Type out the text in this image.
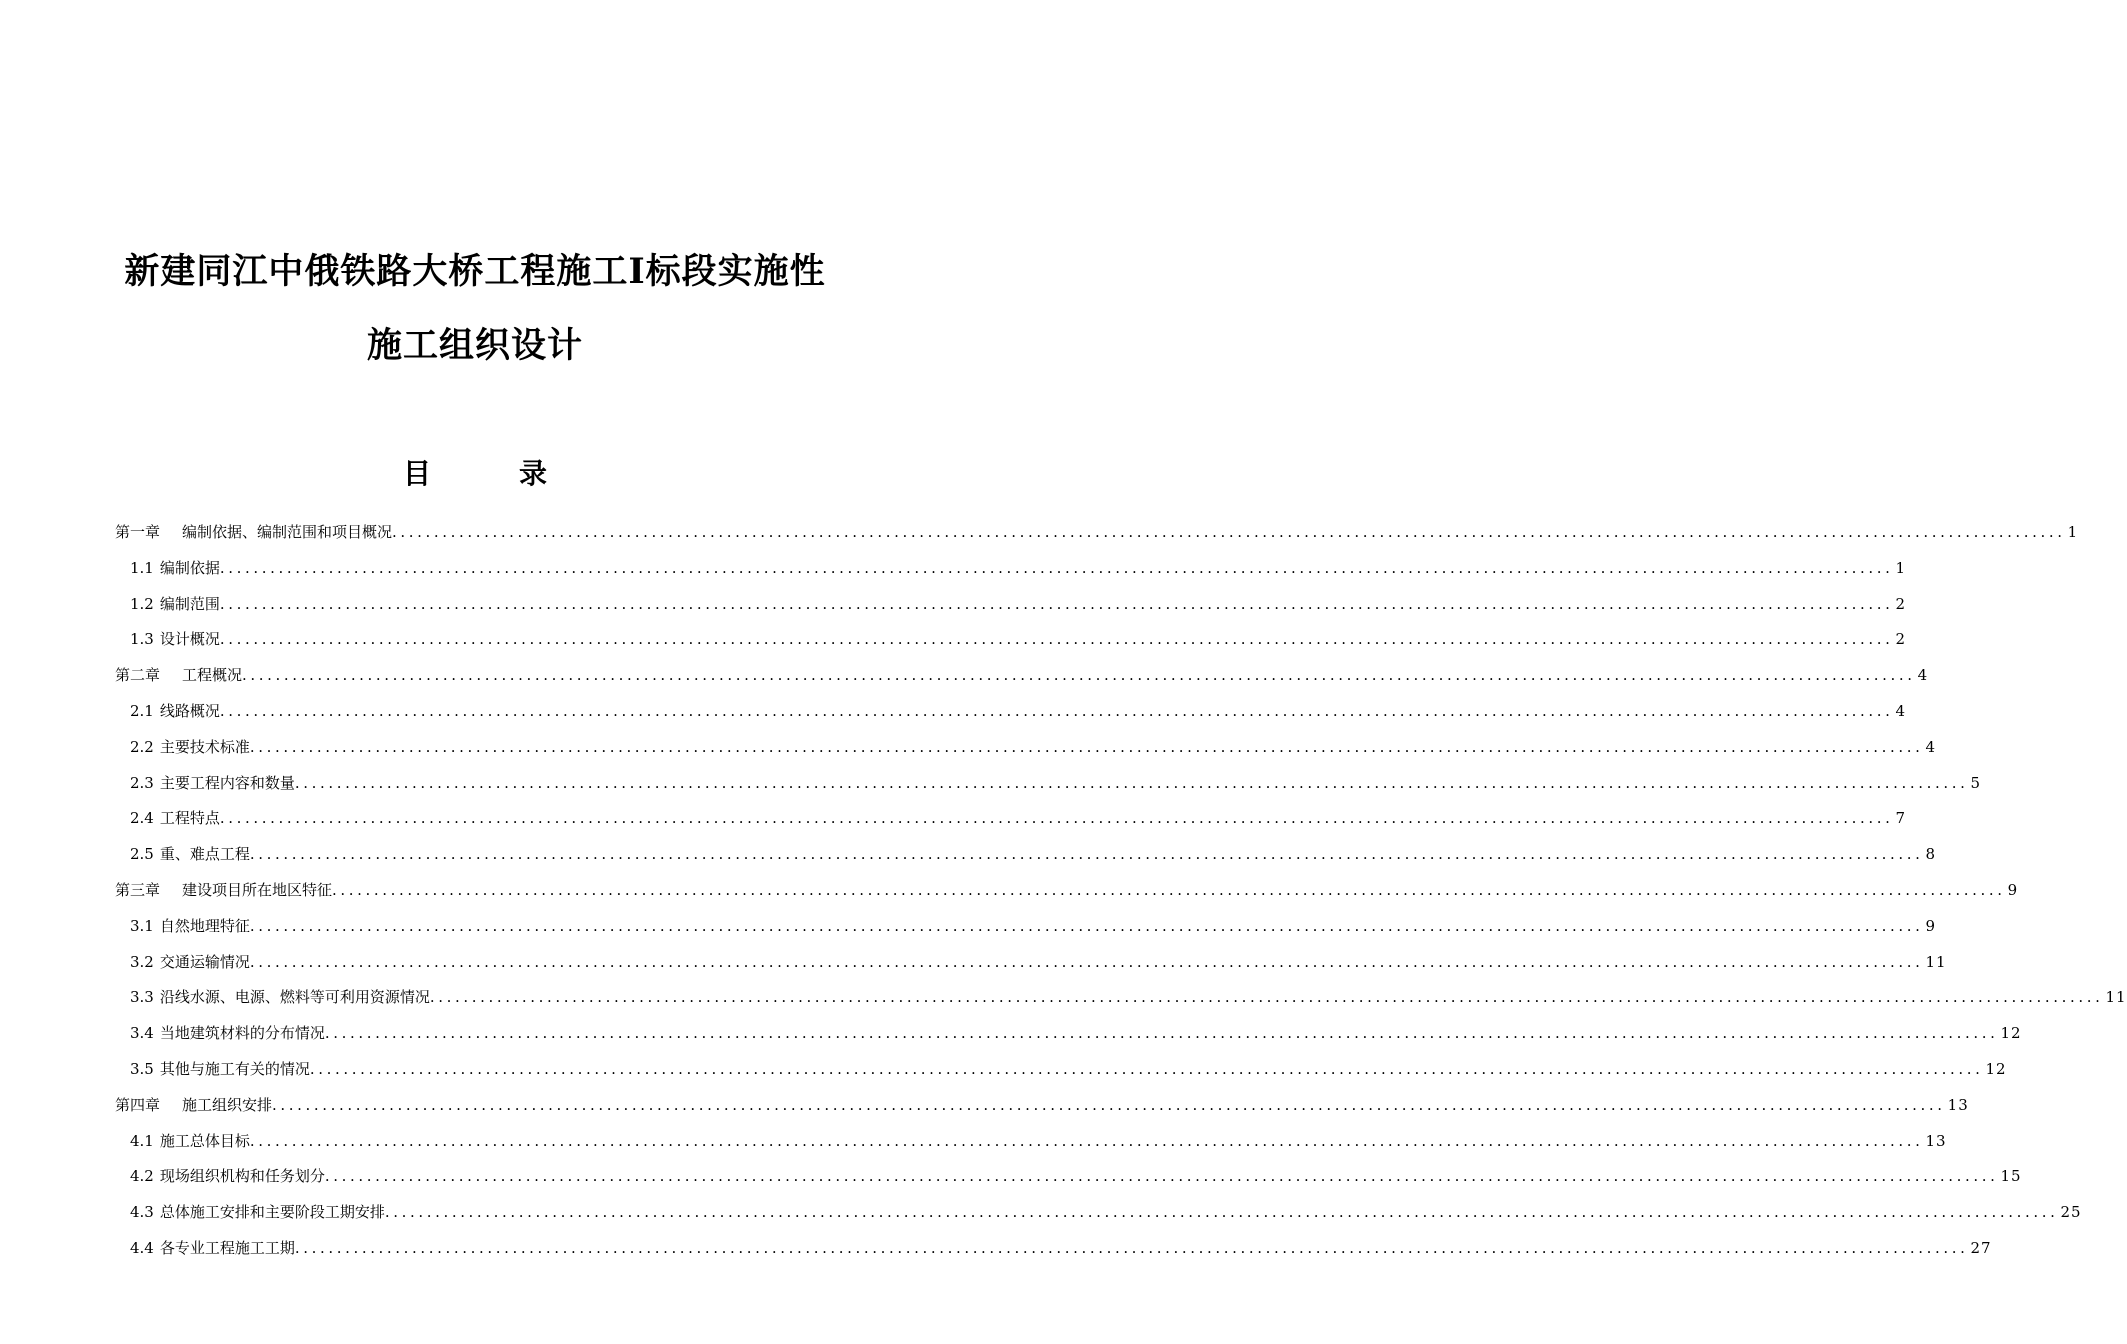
新建同江中俄铁路大桥工程施工Ⅰ标段实施性
施工组织设计
目	录
第一章 编制依据、编制范围和项目概况 ........................................................................................................................................................................................................ 1
1.1 编制依据 ........................................................................................................................................................................................................ 1
1.2 编制范围 ........................................................................................................................................................................................................ 2
1.3 设计概况 ........................................................................................................................................................................................................ 2
第二章 工程概况 ........................................................................................................................................................................................................ 4
2.1 线路概况 ........................................................................................................................................................................................................ 4
2.2 主要技术标准 ........................................................................................................................................................................................................ 4
2.3 主要工程内容和数量 ........................................................................................................................................................................................................ 5
2.4 工程特点 ........................................................................................................................................................................................................ 7
2.5 重、难点工程 ........................................................................................................................................................................................................ 8
第三章 建设项目所在地区特征 ........................................................................................................................................................................................................ 9
3.1 自然地理特征 ........................................................................................................................................................................................................ 9
3.2 交通运输情况 ........................................................................................................................................................................................................ 11
3.3 沿线水源、电源、燃料等可利用资源情况 ........................................................................................................................................................................................................ 11
3.4 当地建筑材料的分布情况 ........................................................................................................................................................................................................ 12
3.5 其他与施工有关的情况 ........................................................................................................................................................................................................ 12
第四章 施工组织安排 ........................................................................................................................................................................................................ 13
4.1 施工总体目标 ........................................................................................................................................................................................................ 13
4.2 现场组织机构和任务划分 ........................................................................................................................................................................................................ 15
4.3 总体施工安排和主要阶段工期安排 ........................................................................................................................................................................................................ 25
4.4 各专业工程施工工期 ........................................................................................................................................................................................................ 27
